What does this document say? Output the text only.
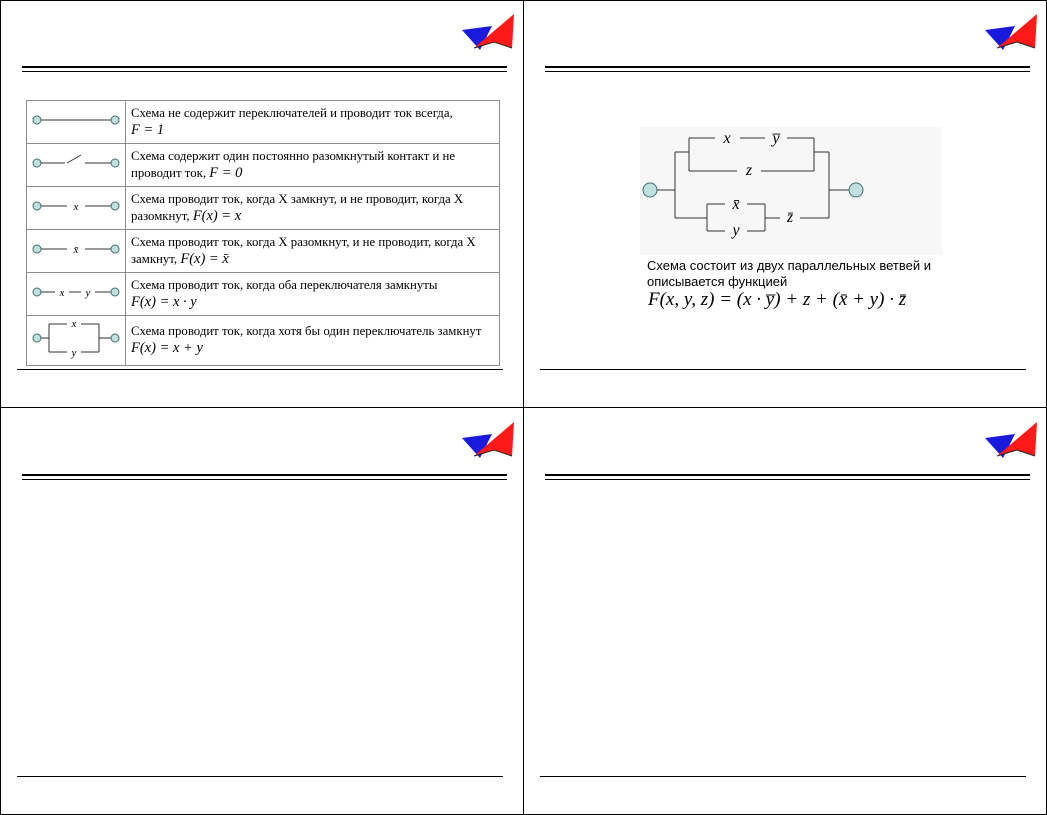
	Схема не содержит переключателей и проводит ток всегда,
F = 1
	Схема содержит один постоянно разомкнутый контакт и не проводит ток, F = 0

x	Схема проводит ток, когда X замкнут, и не проводит, когда X разомкнут, F(x) = x

x̄	Схема проводит ток, когда X разомкнут, и не проводит, когда X замкнут, F(x) = x̄

x y	Схема проводит ток, когда оба переключателя замкнуты
F(x) = x · y

x
y	Схема проводит ток, когда хотя бы один переключатель замкнут F(x) = x + y
x	y̅
z
x̄
y
z̄
Схема состоит из двух параллельных ветвей и описывается функцией
F(x, y, z) = (x · y̅) + z + (x̄ + y) · z̄
